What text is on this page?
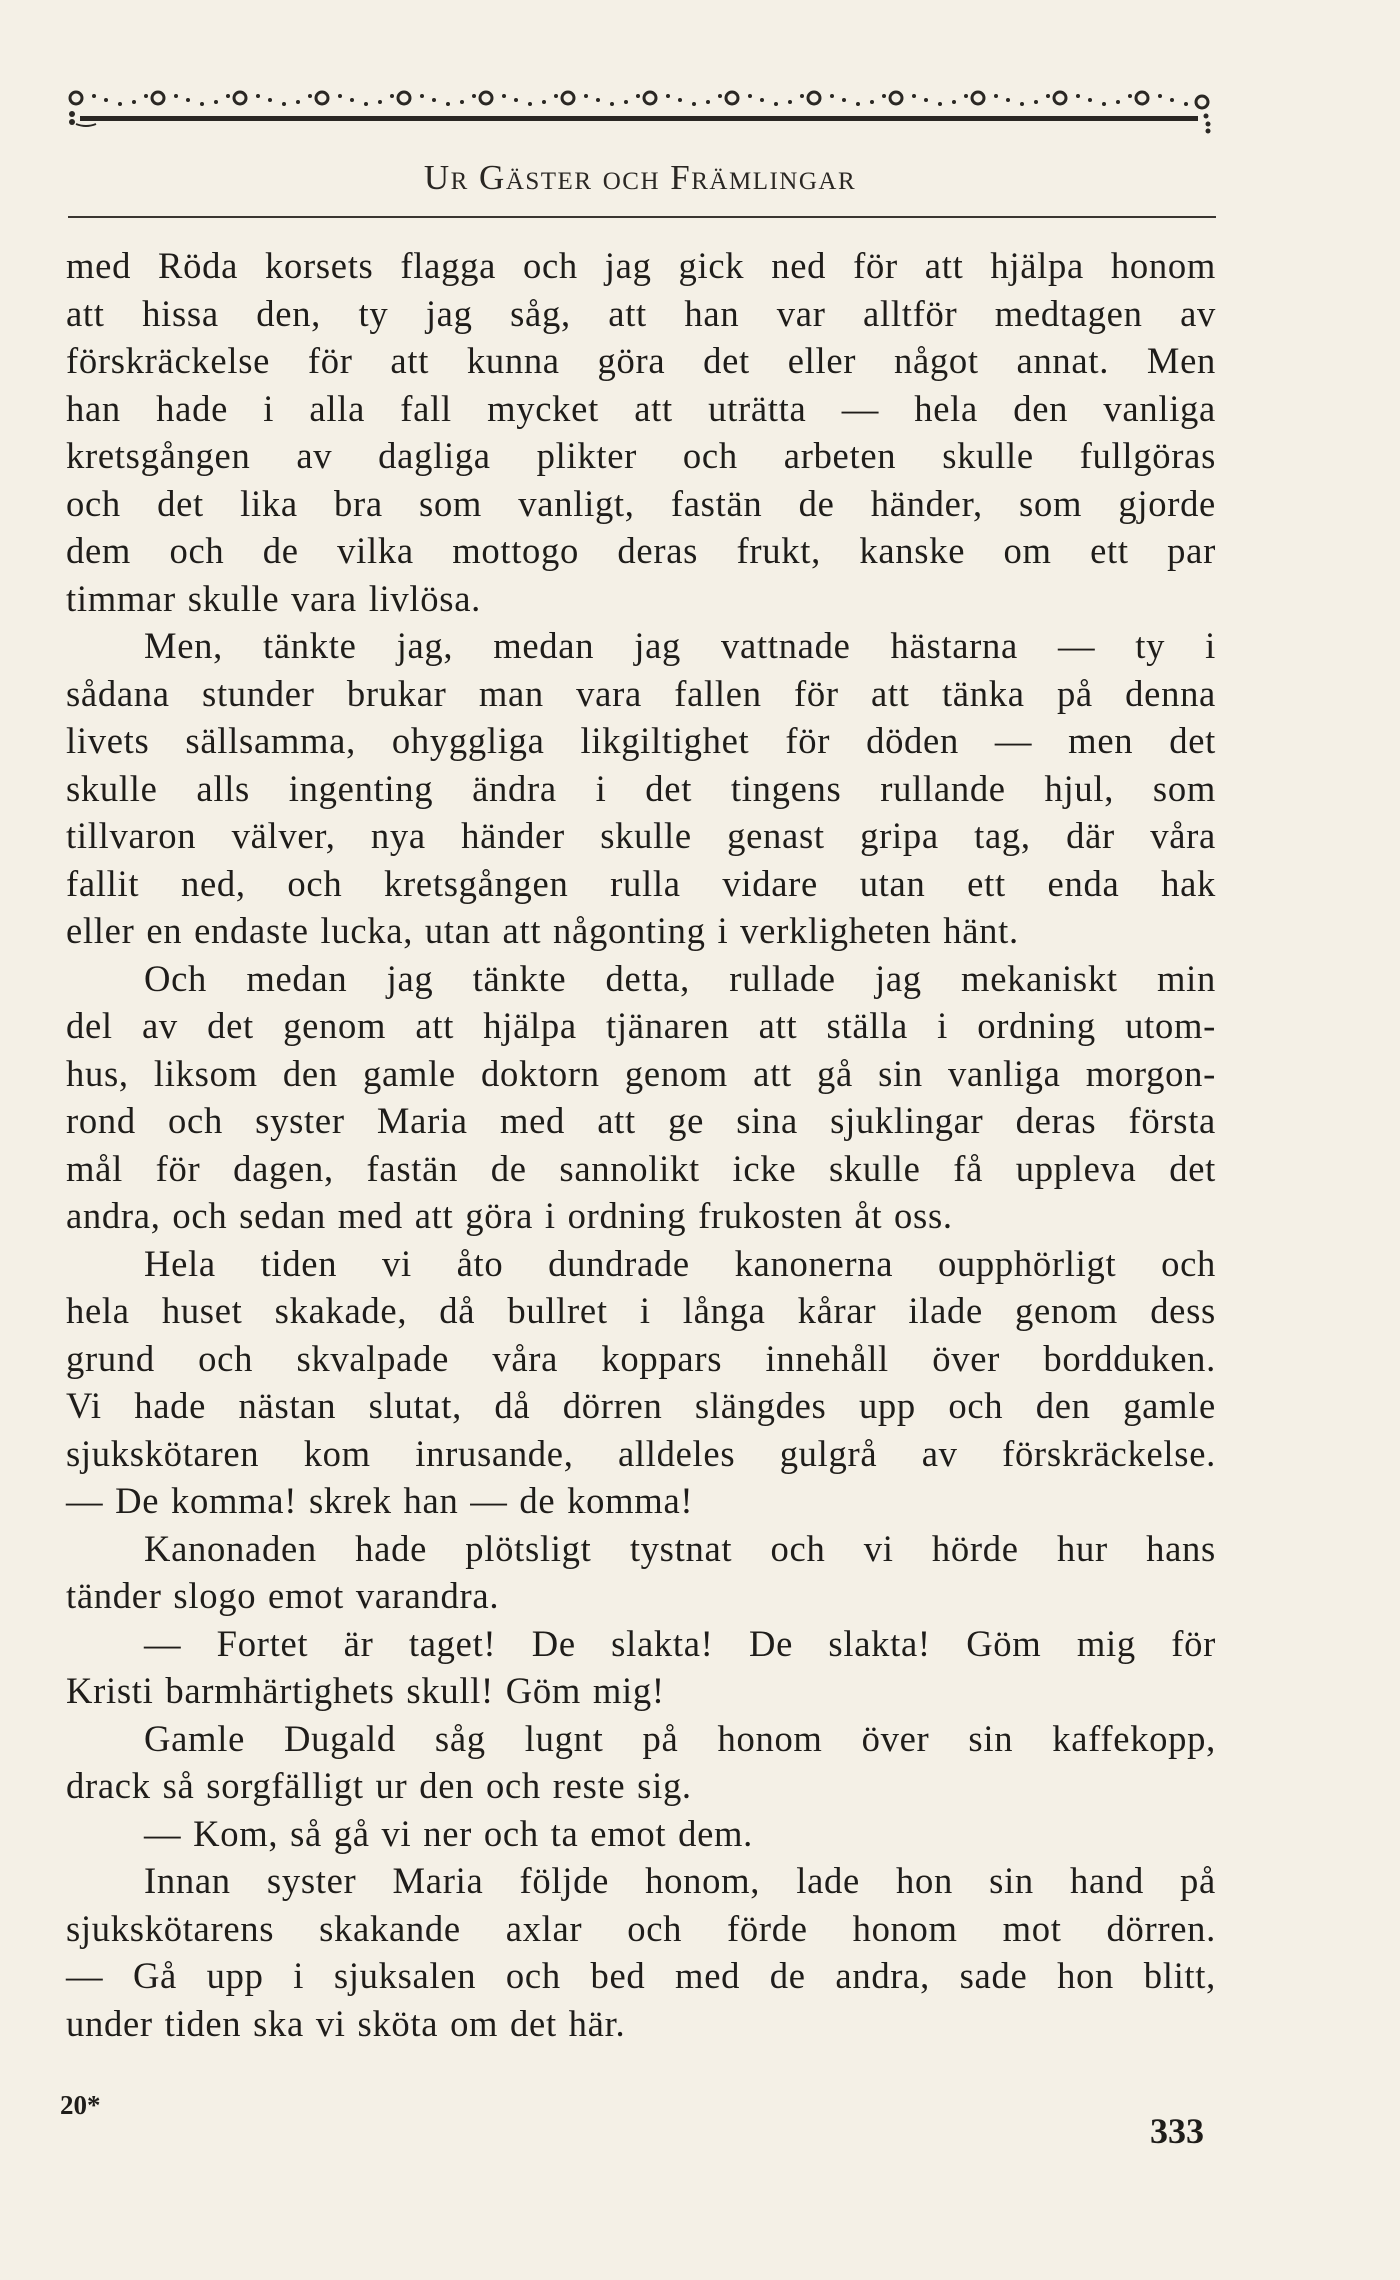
Ur Gäster och Främlingar
med Röda korsets flagga och jag gick ned för att hjälpa honom
att hissa den, ty jag såg, att han var alltför medtagen av
förskräckelse för att kunna göra det eller något annat. Men
han hade i alla fall mycket att uträtta — hela den vanliga
kretsgången av dagliga plikter och arbeten skulle fullgöras
och det lika bra som vanligt, fastän de händer, som gjorde
dem och de vilka mottogo deras frukt, kanske om ett par
timmar skulle vara livlösa.
Men, tänkte jag, medan jag vattnade hästarna — ty i
sådana stunder brukar man vara fallen för att tänka på denna
livets sällsamma, ohyggliga likgiltighet för döden — men det
skulle alls ingenting ändra i det tingens rullande hjul, som
tillvaron välver, nya händer skulle genast gripa tag, där våra
fallit ned, och kretsgången rulla vidare utan ett enda hak
eller en endaste lucka, utan att någonting i verkligheten hänt.
Och medan jag tänkte detta, rullade jag mekaniskt min
del av det genom att hjälpa tjänaren att ställa i ordning utom-
hus, liksom den gamle doktorn genom att gå sin vanliga morgon-
rond och syster Maria med att ge sina sjuklingar deras första
mål för dagen, fastän de sannolikt icke skulle få uppleva det
andra, och sedan med att göra i ordning frukosten åt oss.
Hela tiden vi åto dundrade kanonerna oupphörligt och
hela huset skakade, då bullret i långa kårar ilade genom dess
grund och skvalpade våra koppars innehåll över bordduken.
Vi hade nästan slutat, då dörren slängdes upp och den gamle
sjukskötaren kom inrusande, alldeles gulgrå av förskräckelse.
— De komma! skrek han — de komma!
Kanonaden hade plötsligt tystnat och vi hörde hur hans
tänder slogo emot varandra.
— Fortet är taget! De slakta! De slakta! Göm mig för
Kristi barmhärtighets skull! Göm mig!
Gamle Dugald såg lugnt på honom över sin kaffekopp,
drack så sorgfälligt ur den och reste sig.
— Kom, så gå vi ner och ta emot dem.
Innan syster Maria följde honom, lade hon sin hand på
sjukskötarens skakande axlar och förde honom mot dörren.
— Gå upp i sjuksalen och bed med de andra, sade hon blitt,
under tiden ska vi sköta om det här.
20*
333
